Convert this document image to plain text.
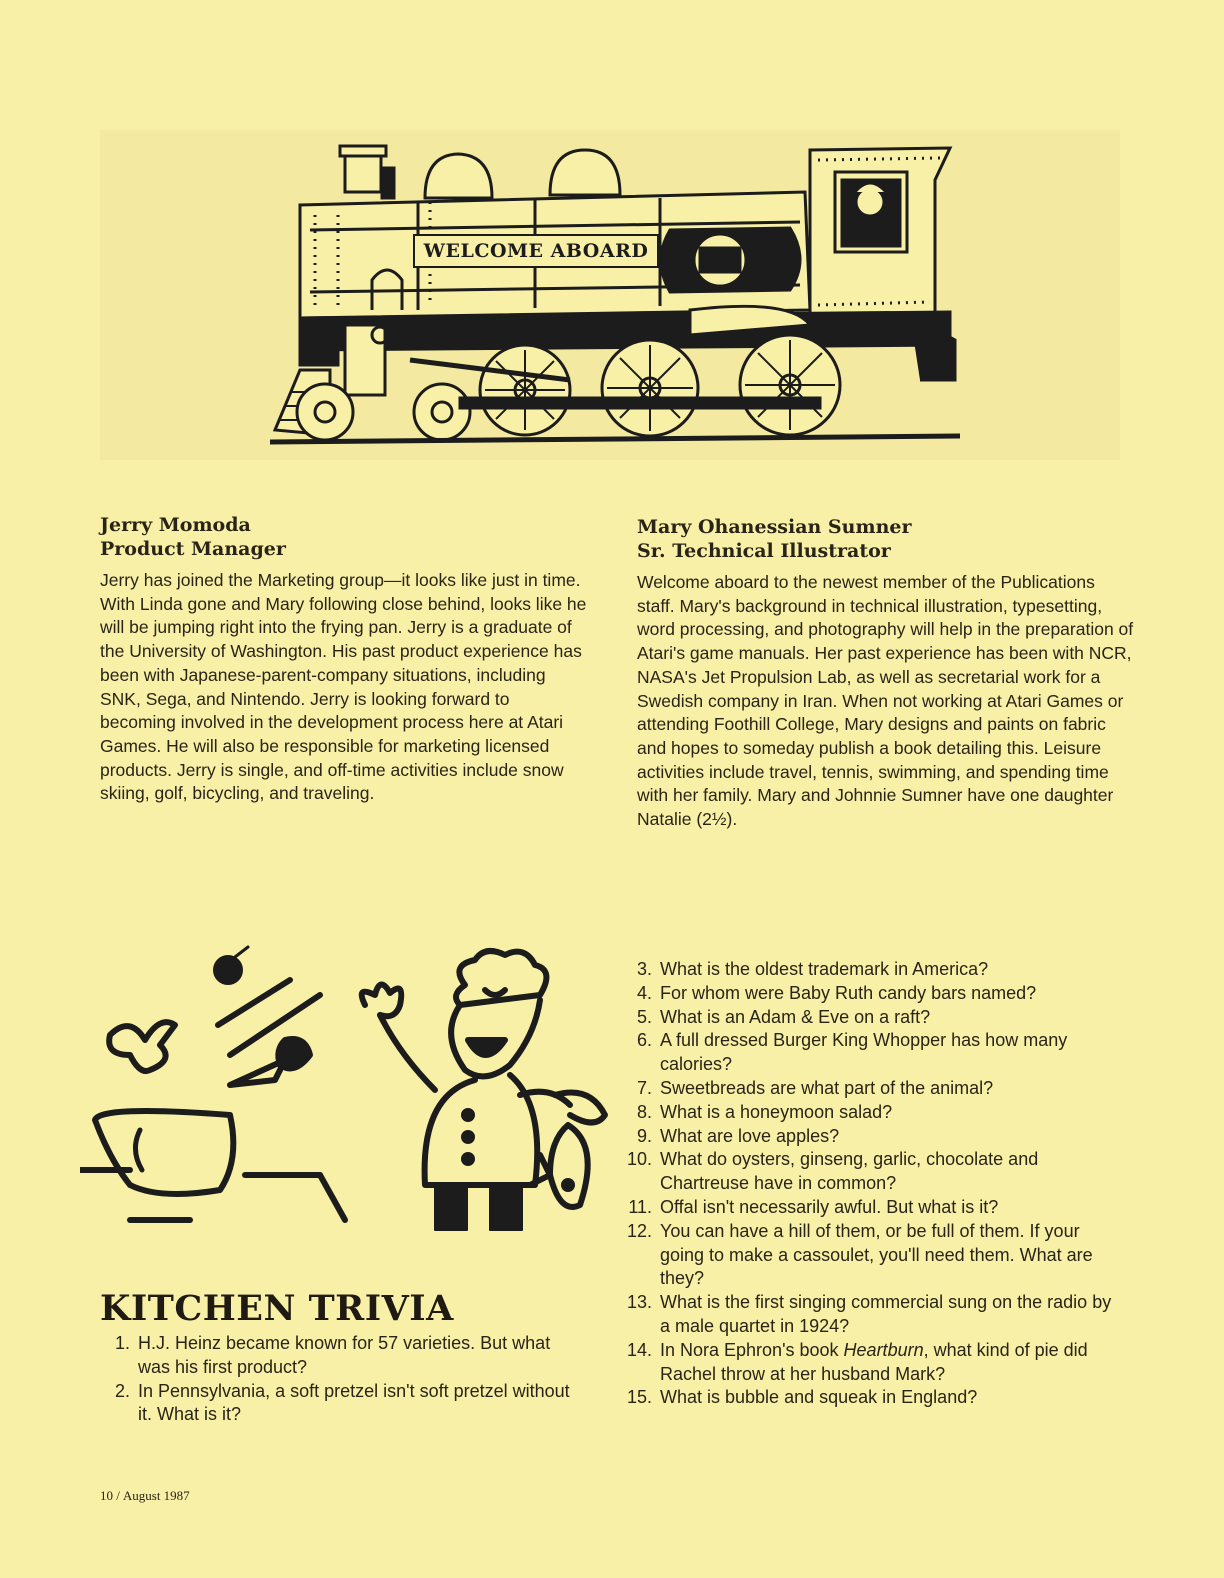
WELCOME ABOARD

Jerry Momoda

Product Manager

Jerry has joined the Marketing group—it looks like just in time. With Linda gone and Mary following close behind, looks like he will be jumping right into the frying pan. Jerry is a graduate of the University of Washington. His past product experience has been with Japanese-parent-company situations, including SNK, Sega, and Nintendo. Jerry is looking forward to becoming involved in the development process here at Atari Games. He will also be responsible for marketing licensed products. Jerry is single, and off-time activities include snow skiing, golf, bicycling, and traveling.

Mary Ohanessian Sumner

Sr. Technical Illustrator

Welcome aboard to the newest member of the Publications staff. Mary's background in technical illustration, typesetting, word processing, and photography will help in the preparation of Atari's game manuals. Her past experience has been with NCR, NASA's Jet Propulsion Lab, as well as secretarial work for a Swedish company in Iran. When not working at Atari Games or attending Foothill College, Mary designs and paints on fabric and hopes to someday publish a book detailing this. Leisure activities include travel, tennis, swimming, and spending time with her family. Mary and Johnnie Sumner have one daughter Natalie (2½).
KITCHEN TRIVIA
1. H.J. Heinz became known for 57 varieties. But what was his first product?
2. In Pennsylvania, a soft pretzel isn't soft pretzel without it. What is it?
3. What is the oldest trademark in America?
4. For whom were Baby Ruth candy bars named?
5. What is an Adam & Eve on a raft?
6. A full dressed Burger King Whopper has how many calories?
7. Sweetbreads are what part of the animal?
8. What is a honeymoon salad?
9. What are love apples?
10. What do oysters, ginseng, garlic, chocolate and Chartreuse have in common?
11. Offal isn't necessarily awful. But what is it?
12. You can have a hill of them, or be full of them. If your going to make a cassoulet, you'll need them. What are they?
13. What is the first singing commercial sung on the radio by a male quartet in 1924?
14. In Nora Ephron's book Heartburn, what kind of pie did Rachel throw at her husband Mark?
15. What is bubble and squeak in England?
10 / August 1987
